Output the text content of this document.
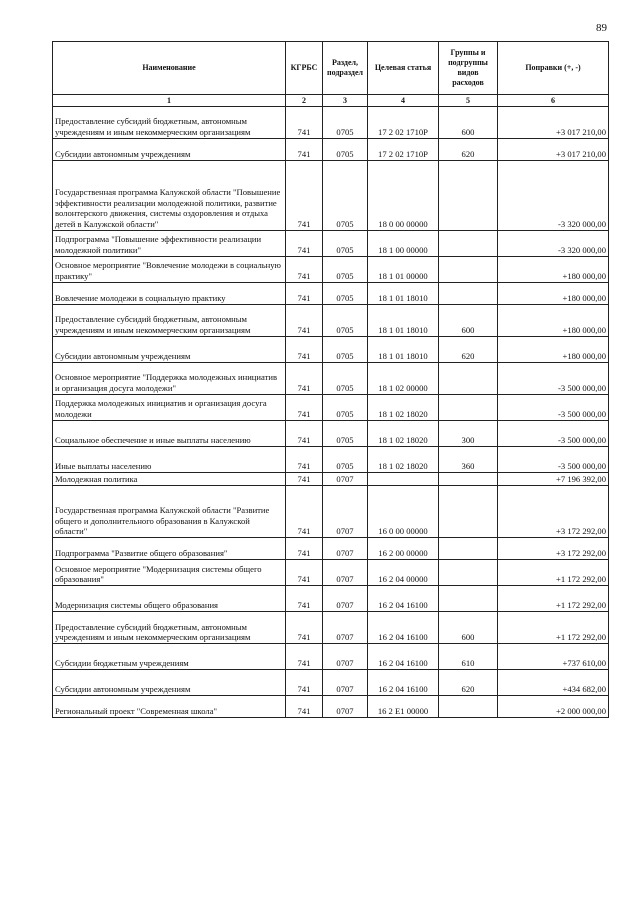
89
Наименование	КГРБС	Раздел, подраздел	Целевая статья	Группы и подгруппы видов расходов	Поправки (+, -)
1	2	3	4	5	6
Предоставление субсидий бюджетным, автономным учреждениям и иным некоммерческим организациям	741	0705	17 2 02 1710Р	600	+3 017 210,00
Субсидии автономным учреждениям	741	0705	17 2 02 1710Р	620	+3 017 210,00
Государственная программа Калужской области "Повышение эффективности реализации молодежной политики, развитие волонтерского движения, системы оздоровления и отдыха детей в Калужской области"	741	0705	18 0 00 00000		-3 320 000,00
Подпрограмма "Повышение эффективности реализации молодежной политики"	741	0705	18 1 00 00000		-3 320 000,00
Основное мероприятие "Вовлечение молодежи в социальную практику"	741	0705	18 1 01 00000		+180 000,00
Вовлечение молодежи в социальную практику	741	0705	18 1 01 18010		+180 000,00
Предоставление субсидий бюджетным, автономным учреждениям и иным некоммерческим организациям	741	0705	18 1 01 18010	600	+180 000,00
Субсидии автономным учреждениям	741	0705	18 1 01 18010	620	+180 000,00
Основное мероприятие "Поддержка молодежных инициатив и организация досуга молодежи"	741	0705	18 1 02 00000		-3 500 000,00
Поддержка молодежных инициатив и организация досуга молодежи	741	0705	18 1 02 18020		-3 500 000,00
Социальное обеспечение и иные выплаты населению	741	0705	18 1 02 18020	300	-3 500 000,00
Иные выплаты населению	741	0705	18 1 02 18020	360	-3 500 000,00
Молодежная политика	741	0707			+7 196 392,00
Государственная программа Калужской области "Развитие общего и дополнительного образования в Калужской области"	741	0707	16 0 00 00000		+3 172 292,00
Подпрограмма "Развитие общего образования"	741	0707	16 2 00 00000		+3 172 292,00
Основное мероприятие "Модернизация системы общего образования"	741	0707	16 2 04 00000		+1 172 292,00
Модернизация системы общего образования	741	0707	16 2 04 16100		+1 172 292,00
Предоставление субсидий бюджетным, автономным учреждениям и иным некоммерческим организациям	741	0707	16 2 04 16100	600	+1 172 292,00
Субсидии бюджетным учреждениям	741	0707	16 2 04 16100	610	+737 610,00
Субсидии автономным учреждениям	741	0707	16 2 04 16100	620	+434 682,00
Региональный проект "Современная школа"	741	0707	16 2 E1 00000		+2 000 000,00
